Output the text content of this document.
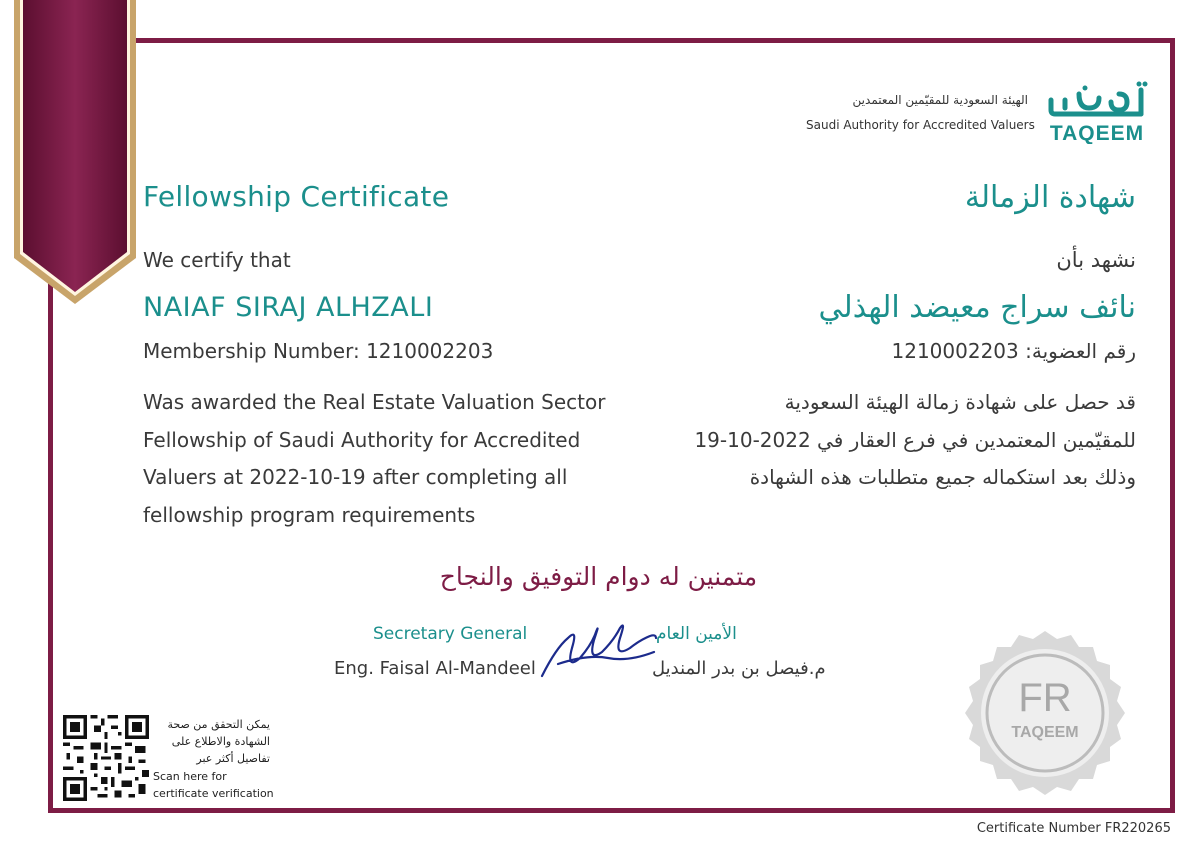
TAQEEM

الهيئة السعودية للمقيّمين المعتمدين

Saudi Authority for Accredited Valuers

Fellowship Certificate	شهادة الزمالة

We certify that	نشهد بأن

NAIAF SIRAJ ALHZALI	نائف سراج معيضد الهذلي

Membership Number: 1210002203	رقم العضوية: 1210002203

Was awarded the Real Estate Valuation Sector Fellowship of Saudi Authority for Accredited Valuers at 2022-10-19 after completing all fellowship program requirements

قد حصل على شهادة زمالة الهيئة السعودية
للمقيّمين المعتمدين في فرع العقار في 2022-10-19
وذلك بعد استكماله جميع متطلبات هذه الشهادة

متمنين له دوام التوفيق والنجاح

Secretary General	الأمين العام

Eng. Faisal Al-Mandeel	م.فيصل بن بدر المنديل

FR
TAQEEM
يمكن التحقق من صحة الشهادة والاطلاع على تفاصيل أكثر عبر
Scan here for
certificate verification

Certificate Number FR220265
